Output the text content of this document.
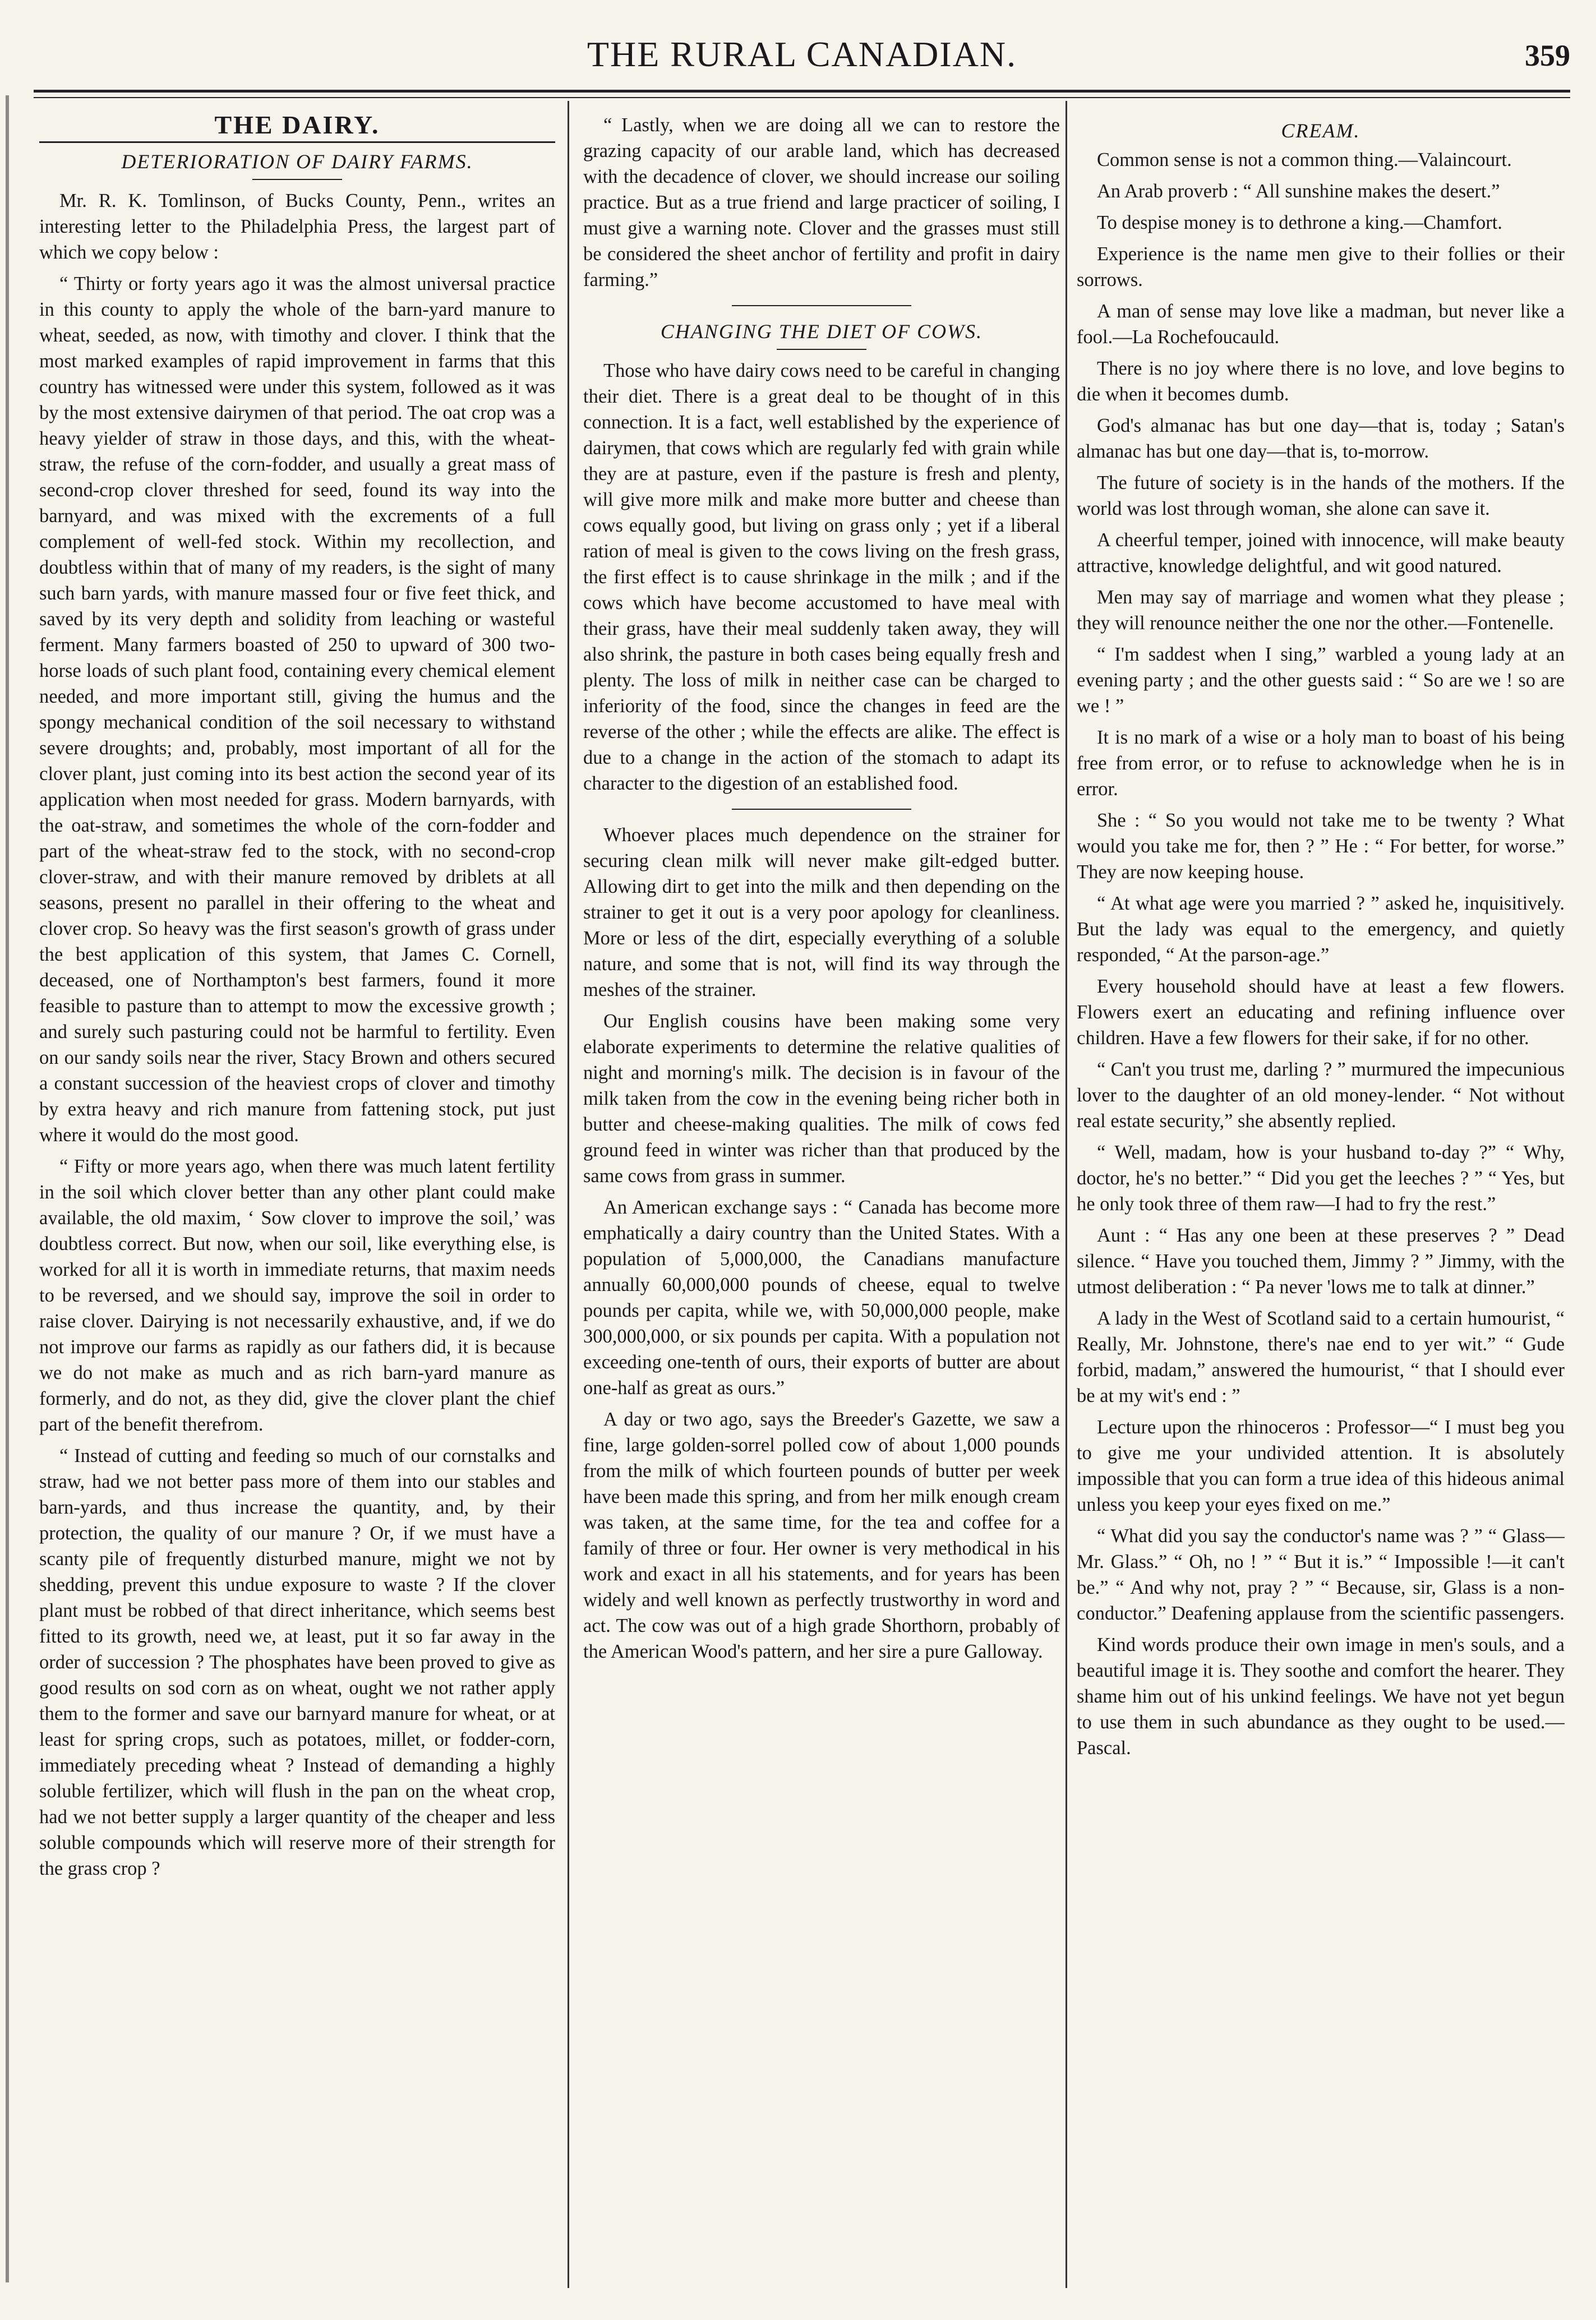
THE RURAL CANADIAN.	359
THE DAIRY.
DETERIORATION OF DAIRY FARMS.

Mr. R. K. Tomlinson, of Bucks County, Penn., writes an interesting letter to the Philadelphia Press, the largest part of which we copy below :

“ Thirty or forty years ago it was the almost universal practice in this county to apply the whole of the barn-yard manure to wheat, seeded, as now, with timothy and clover. I think that the most marked examples of rapid improvement in farms that this country has witnessed were under this system, followed as it was by the most extensive dairymen of that period. The oat crop was a heavy yielder of straw in those days, and this, with the wheat-straw, the refuse of the corn-fodder, and usually a great mass of second-crop clover threshed for seed, found its way into the barnyard, and was mixed with the excrements of a full complement of well-fed stock. Within my recollection, and doubtless within that of many of my readers, is the sight of many such barn yards, with manure massed four or five feet thick, and saved by its very depth and solidity from leaching or wasteful ferment. Many farmers boasted of 250 to upward of 300 two-horse loads of such plant food, containing every chemical element needed, and more important still, giving the humus and the spongy mechanical condition of the soil necessary to withstand severe droughts; and, probably, most important of all for the clover plant, just coming into its best action the second year of its application when most needed for grass. Modern barnyards, with the oat-straw, and sometimes the whole of the corn-fodder and part of the wheat-straw fed to the stock, with no second-crop clover-straw, and with their manure removed by driblets at all seasons, present no parallel in their offering to the wheat and clover crop. So heavy was the first season's growth of grass under the best application of this system, that James C. Cornell, deceased, one of Northampton's best farmers, found it more feasible to pasture than to attempt to mow the excessive growth ; and surely such pasturing could not be harmful to fertility. Even on our sandy soils near the river, Stacy Brown and others secured a constant succession of the heaviest crops of clover and timothy by extra heavy and rich manure from fattening stock, put just where it would do the most good.

“ Fifty or more years ago, when there was much latent fertility in the soil which clover better than any other plant could make available, the old maxim, ‘ Sow clover to improve the soil,’ was doubtless correct. But now, when our soil, like everything else, is worked for all it is worth in immediate returns, that maxim needs to be reversed, and we should say, improve the soil in order to raise clover. Dairying is not necessarily exhaustive, and, if we do not improve our farms as rapidly as our fathers did, it is because we do not make as much and as rich barn-yard manure as formerly, and do not, as they did, give the clover plant the chief part of the benefit therefrom.

“ Instead of cutting and feeding so much of our cornstalks and straw, had we not better pass more of them into our stables and barn-yards, and thus increase the quantity, and, by their protection, the quality of our manure ? Or, if we must have a scanty pile of frequently disturbed manure, might we not by shedding, prevent this undue exposure to waste ? If the clover plant must be robbed of that direct inheritance, which seems best fitted to its growth, need we, at least, put it so far away in the order of succession ? The phosphates have been proved to give as good results on sod corn as on wheat, ought we not rather apply them to the former and save our barnyard manure for wheat, or at least for spring crops, such as potatoes, millet, or fodder-corn, immediately preceding wheat ? Instead of demanding a highly soluble fertilizer, which will flush in the pan on the wheat crop, had we not better supply a larger quantity of the cheaper and less soluble compounds which will reserve more of their strength for the grass crop ?

“ Lastly, when we are doing all we can to restore the grazing capacity of our arable land, which has decreased with the decadence of clover, we should increase our soiling practice. But as a true friend and large practicer of soiling, I must give a warning note. Clover and the grasses must still be considered the sheet anchor of fertility and profit in dairy farming.”

CHANGING THE DIET OF COWS.

Those who have dairy cows need to be careful in changing their diet. There is a great deal to be thought of in this connection. It is a fact, well established by the experience of dairymen, that cows which are regularly fed with grain while they are at pasture, even if the pasture is fresh and plenty, will give more milk and make more butter and cheese than cows equally good, but living on grass only ; yet if a liberal ration of meal is given to the cows living on the fresh grass, the first effect is to cause shrinkage in the milk ; and if the cows which have become accustomed to have meal with their grass, have their meal suddenly taken away, they will also shrink, the pasture in both cases being equally fresh and plenty. The loss of milk in neither case can be charged to inferiority of the food, since the changes in feed are the reverse of the other ; while the effects are alike. The effect is due to a change in the action of the stomach to adapt its character to the digestion of an established food.

Whoever places much dependence on the strainer for securing clean milk will never make gilt-edged butter. Allowing dirt to get into the milk and then depending on the strainer to get it out is a very poor apology for cleanliness. More or less of the dirt, especially everything of a soluble nature, and some that is not, will find its way through the meshes of the strainer.

Our English cousins have been making some very elaborate experiments to determine the relative qualities of night and morning's milk. The decision is in favour of the milk taken from the cow in the evening being richer both in butter and cheese-making qualities. The milk of cows fed ground feed in winter was richer than that produced by the same cows from grass in summer.

An American exchange says : “ Canada has become more emphatically a dairy country than the United States. With a population of 5,000,000, the Canadians manufacture annually 60,000,000 pounds of cheese, equal to twelve pounds per capita, while we, with 50,000,000 people, make 300,000,000, or six pounds per capita. With a population not exceeding one-tenth of ours, their exports of butter are about one-half as great as ours.”

A day or two ago, says the Breeder's Gazette, we saw a fine, large golden-sorrel polled cow of about 1,000 pounds from the milk of which fourteen pounds of butter per week have been made this spring, and from her milk enough cream was taken, at the same time, for the tea and coffee for a family of three or four. Her owner is very methodical in his work and exact in all his statements, and for years has been widely and well known as perfectly trustworthy in word and act. The cow was out of a high grade Shorthorn, probably of the American Wood's pattern, and her sire a pure Galloway.

CREAM.

Common sense is not a common thing.—Valaincourt.

An Arab proverb : “ All sunshine makes the desert.”

To despise money is to dethrone a king.—Chamfort.

Experience is the name men give to their follies or their sorrows.

A man of sense may love like a madman, but never like a fool.—La Rochefoucauld.

There is no joy where there is no love, and love begins to die when it becomes dumb.

God's almanac has but one day—that is, today ; Satan's almanac has but one day—that is, to-morrow.

The future of society is in the hands of the mothers. If the world was lost through woman, she alone can save it.

A cheerful temper, joined with innocence, will make beauty attractive, knowledge delightful, and wit good natured.

Men may say of marriage and women what they please ; they will renounce neither the one nor the other.—Fontenelle.

“ I'm saddest when I sing,” warbled a young lady at an evening party ; and the other guests said : “ So are we ! so are we ! ”

It is no mark of a wise or a holy man to boast of his being free from error, or to refuse to acknowledge when he is in error.

She : “ So you would not take me to be twenty ? What would you take me for, then ? ” He : “ For better, for worse.” They are now keeping house.

“ At what age were you married ? ” asked he, inquisitively. But the lady was equal to the emergency, and quietly responded, “ At the parson-age.”

Every household should have at least a few flowers. Flowers exert an educating and refining influence over children. Have a few flowers for their sake, if for no other.

“ Can't you trust me, darling ? ” murmured the impecunious lover to the daughter of an old money-lender. “ Not without real estate security,” she absently replied.

“ Well, madam, how is your husband to-day ?” “ Why, doctor, he's no better.” “ Did you get the leeches ? ” “ Yes, but he only took three of them raw—I had to fry the rest.”

Aunt : “ Has any one been at these preserves ? ” Dead silence. “ Have you touched them, Jimmy ? ” Jimmy, with the utmost deliberation : “ Pa never 'lows me to talk at dinner.”

A lady in the West of Scotland said to a certain humourist, “ Really, Mr. Johnstone, there's nae end to yer wit.” “ Gude forbid, madam,” answered the humourist, “ that I should ever be at my wit's end : ”

Lecture upon the rhinoceros : Professor—“ I must beg you to give me your undivided attention. It is absolutely impossible that you can form a true idea of this hideous animal unless you keep your eyes fixed on me.”

“ What did you say the conductor's name was ? ” “ Glass—Mr. Glass.” “ Oh, no ! ” “ But it is.” “ Impossible !—it can't be.” “ And why not, pray ? ” “ Because, sir, Glass is a non-conductor.” Deafening applause from the scientific passengers.

Kind words produce their own image in men's souls, and a beautiful image it is. They soothe and comfort the hearer. They shame him out of his unkind feelings. We have not yet begun to use them in such abundance as they ought to be used.—Pascal.
